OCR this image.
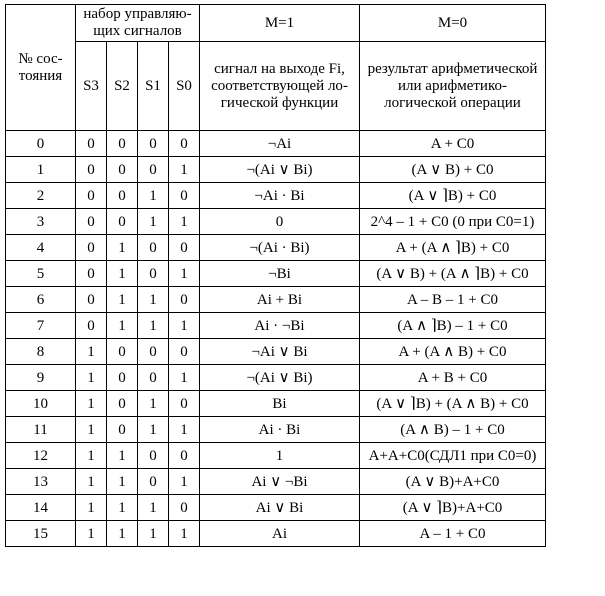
№ состояния	набор управляющих сигналов				M=1	M=0
	S3	S2	S1	S0	сигнал на выходе Fi, соответствующей логической функции	результат арифметической или арифметико-логической операции
0	0	0	0	0	¬Ai	A + C0
1	0	0	0	1	¬(Ai ∨ Bi)	(A ∨ B) + C0
2	0	0	1	0	¬Ai · Bi	(A ∨ ⌉B) + C0
3	0	0	1	1	0	2^4 – 1 + C0 (0 при C0=1)
4	0	1	0	0	¬(Ai · Bi)	A + (A ∧ ⌉B) + C0
5	0	1	0	1	¬Bi	(A ∨ B) + (A ∧ ⌉B) + C0
6	0	1	1	0	Ai + Bi	A – B – 1 + C0
7	0	1	1	1	Ai · ¬Bi	(A ∧ ⌉B) – 1 + C0
8	1	0	0	0	¬Ai ∨ Bi	A + (A ∧ B) + C0
9	1	0	0	1	¬(Ai ∨ Bi)	A + B + C0
10	1	0	1	0	Bi	(A ∨ ⌉B) + (A ∧ B) + C0
11	1	0	1	1	Ai · Bi	(A ∧ B) – 1 + C0
12	1	1	0	0	1	A+A+C0(СДЛ1 при C0=0)
13	1	1	0	1	Ai ∨ ¬Bi	(A ∨ B)+A+C0
14	1	1	1	0	Ai ∨ Bi	(A ∨ ⌉B)+A+C0
15	1	1	1	1	Ai	A – 1 + C0
